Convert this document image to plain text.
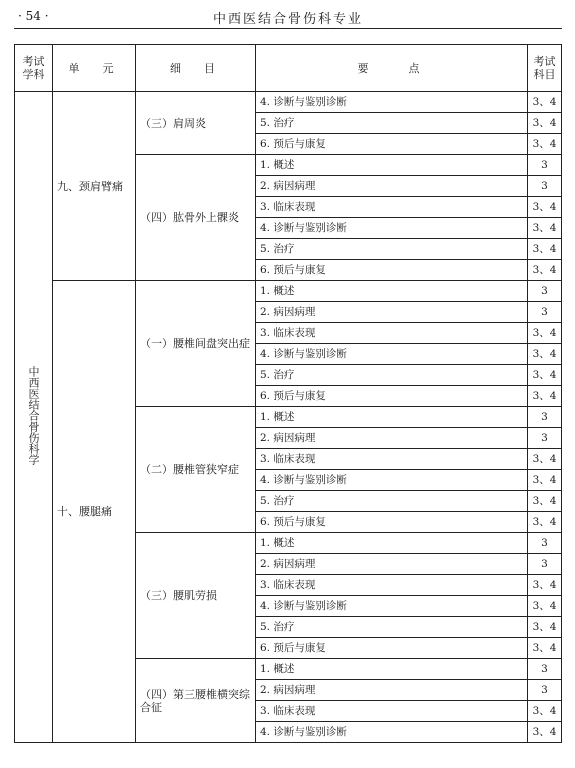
· 54 ·	中西医结合骨伤科专业
考试学科	单　元	细　目	要　　点	考试科目
中西医结合骨伤科学	九、颈肩臂痛	（三）肩周炎	4. 诊断与鉴别诊断	3、4
			5. 治疗	3、4
			6. 预后与康复	3、4
		（四）肱骨外上髁炎	1. 概述	3
			2. 病因病理	3
			3. 临床表现	3、4
			4. 诊断与鉴别诊断	3、4
			5. 治疗	3、4
			6. 预后与康复	3、4
	十、腰腿痛	（一）腰椎间盘突出症	1. 概述	3
			2. 病因病理	3
			3. 临床表现	3、4
			4. 诊断与鉴别诊断	3、4
			5. 治疗	3、4
			6. 预后与康复	3、4
		（二）腰椎管狭窄症	1. 概述	3
			2. 病因病理	3
			3. 临床表现	3、4
			4. 诊断与鉴别诊断	3、4
			5. 治疗	3、4
			6. 预后与康复	3、4
		（三）腰肌劳损	1. 概述	3
			2. 病因病理	3
			3. 临床表现	3、4
			4. 诊断与鉴别诊断	3、4
			5. 治疗	3、4
			6. 预后与康复	3、4
		（四）第三腰椎横突综合征	1. 概述	3
			2. 病因病理	3
			3. 临床表现	3、4
			4. 诊断与鉴别诊断	3、4
